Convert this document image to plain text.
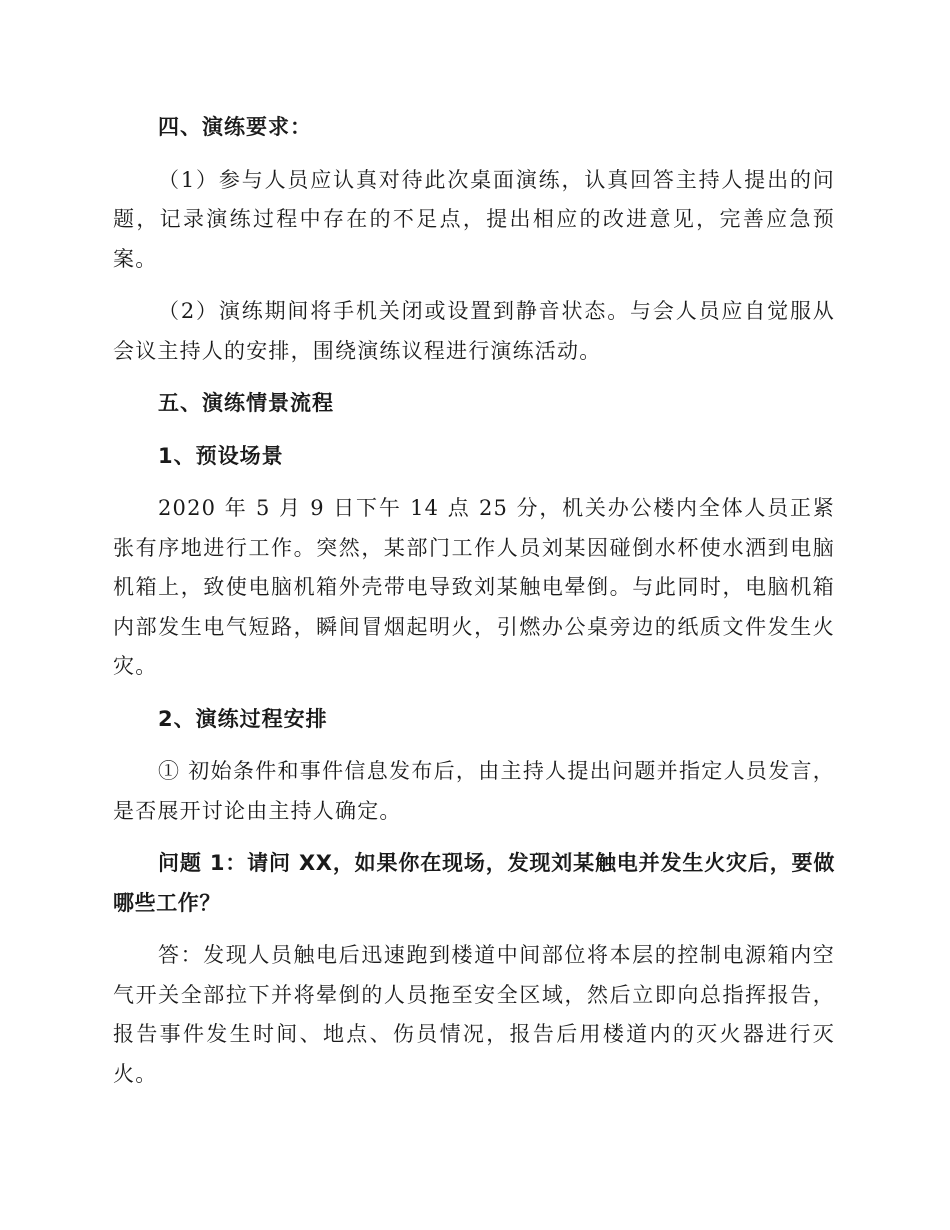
四、演练要求：

（1）参与人员应认真对待此次桌面演练，认真回答主持人提出的问题，记录演练过程中存在的不足点，提出相应的改进意见，完善应急预案。

（2）演练期间将手机关闭或设置到静音状态。与会人员应自觉服从会议主持人的安排，围绕演练议程进行演练活动。

五、演练情景流程

1、预设场景

2020 年 5 月 9 日下午 14 点 25 分，机关办公楼内全体人员正紧张有序地进行工作。突然，某部门工作人员刘某因碰倒水杯使水洒到电脑机箱上，致使电脑机箱外壳带电导致刘某触电晕倒。与此同时，电脑机箱内部发生电气短路，瞬间冒烟起明火，引燃办公桌旁边的纸质文件发生火灾。

2、演练过程安排

① 初始条件和事件信息发布后，由主持人提出问题并指定人员发言，是否展开讨论由主持人确定。

问题 1：请问 XX，如果你在现场，发现刘某触电并发生火灾后，要做哪些工作？

答：发现人员触电后迅速跑到楼道中间部位将本层的控制电源箱内空气开关全部拉下并将晕倒的人员拖至安全区域，然后立即向总指挥报告，报告事件发生时间、地点、伤员情况，报告后用楼道内的灭火器进行灭火。
